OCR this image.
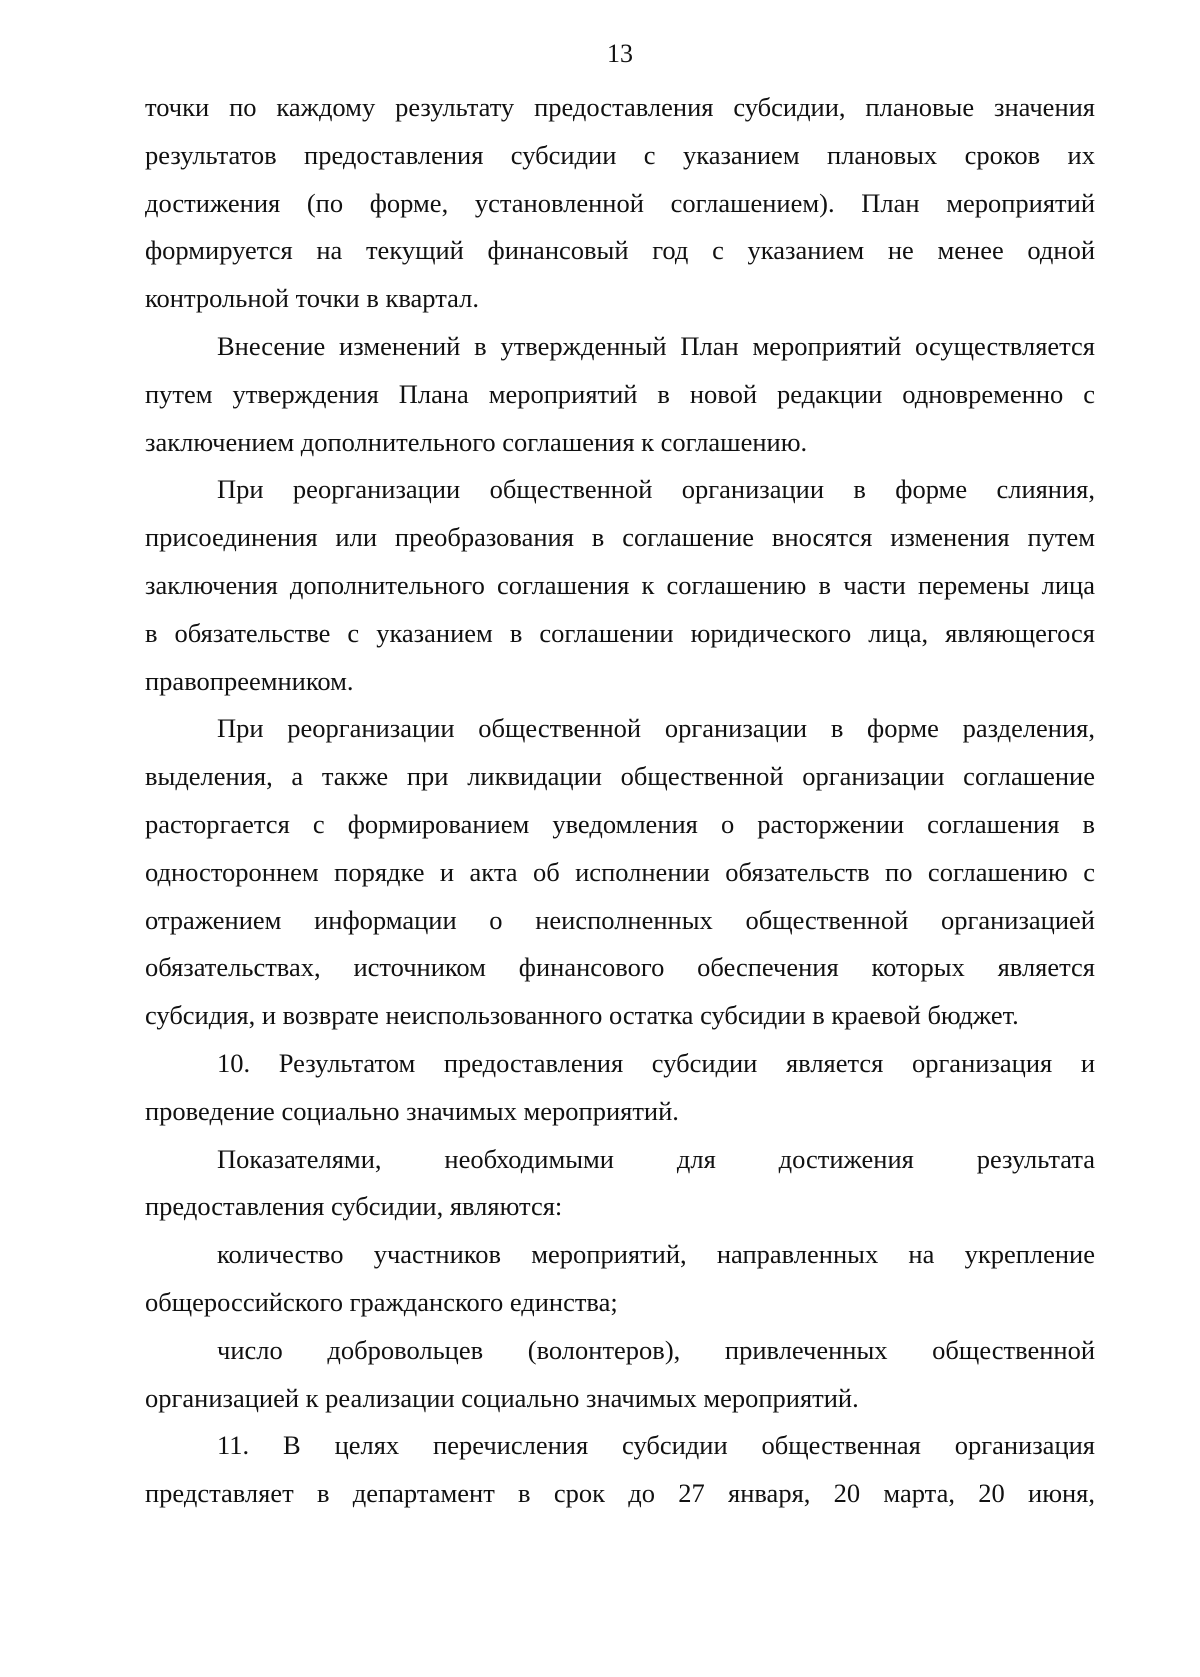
13
точки по каждому результату предоставления субсидии, плановые значения
результатов предоставления субсидии с указанием плановых сроков их
достижения (по форме, установленной соглашением). План мероприятий
формируется на текущий финансовый год с указанием не менее одной
контрольной точки в квартал.
Внесение изменений в утвержденный План мероприятий осуществляется
путем утверждения Плана мероприятий в новой редакции одновременно с
заключением дополнительного соглашения к соглашению.
При реорганизации общественной организации в форме слияния,
присоединения или преобразования в соглашение вносятся изменения путем
заключения дополнительного соглашения к соглашению в части перемены лица
в обязательстве с указанием в соглашении юридического лица, являющегося
правопреемником.
При реорганизации общественной организации в форме разделения,
выделения, а также при ликвидации общественной организации соглашение
расторгается с формированием уведомления о расторжении соглашения в
одностороннем порядке и акта об исполнении обязательств по соглашению с
отражением информации о неисполненных общественной организацией
обязательствах, источником финансового обеспечения которых является
субсидия, и возврате неиспользованного остатка субсидии в краевой бюджет.
10. Результатом предоставления субсидии является организация и
проведение социально значимых мероприятий.
Показателями, необходимыми для достижения результата
предоставления субсидии, являются:
количество участников мероприятий, направленных на укрепление
общероссийского гражданского единства;
число добровольцев (волонтеров), привлеченных общественной
организацией к реализации социально значимых мероприятий.
11. В целях перечисления субсидии общественная организация
представляет в департамент в срок до 27 января, 20 марта, 20 июня,
